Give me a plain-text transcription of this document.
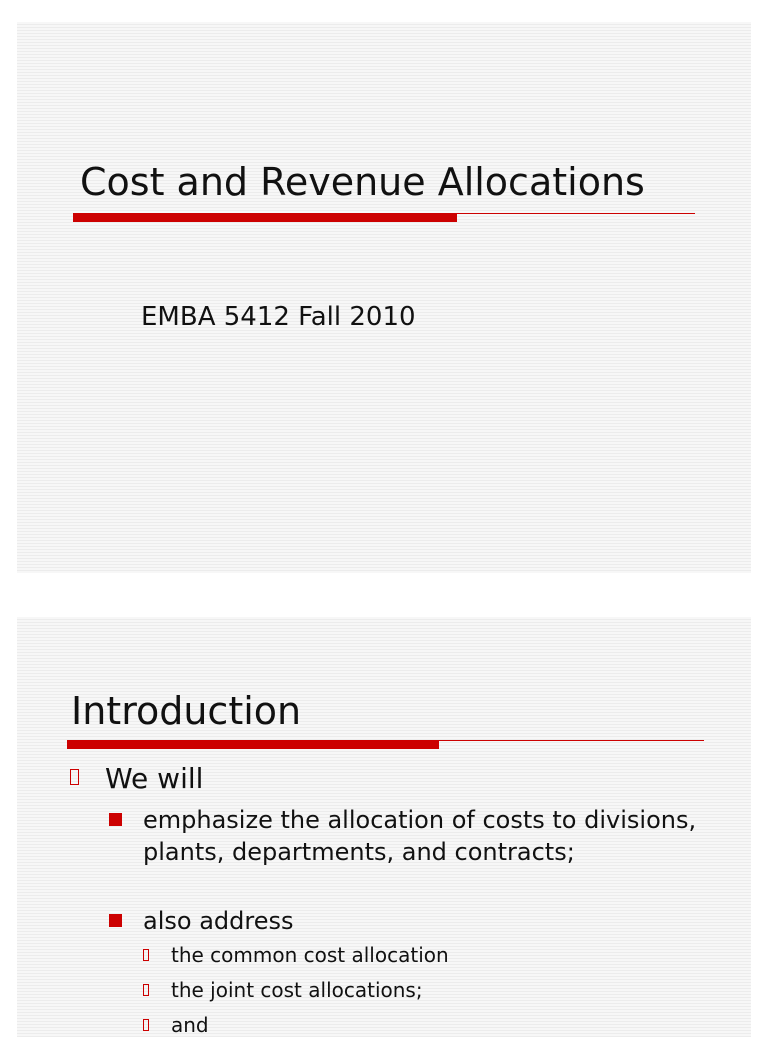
Cost and Revenue Allocations
EMBA 5412 Fall 2010
Introduction
We will
emphasize the allocation of costs to divisions, plants, departments, and contracts;
also address
the common cost allocation
the joint cost allocations;
and
